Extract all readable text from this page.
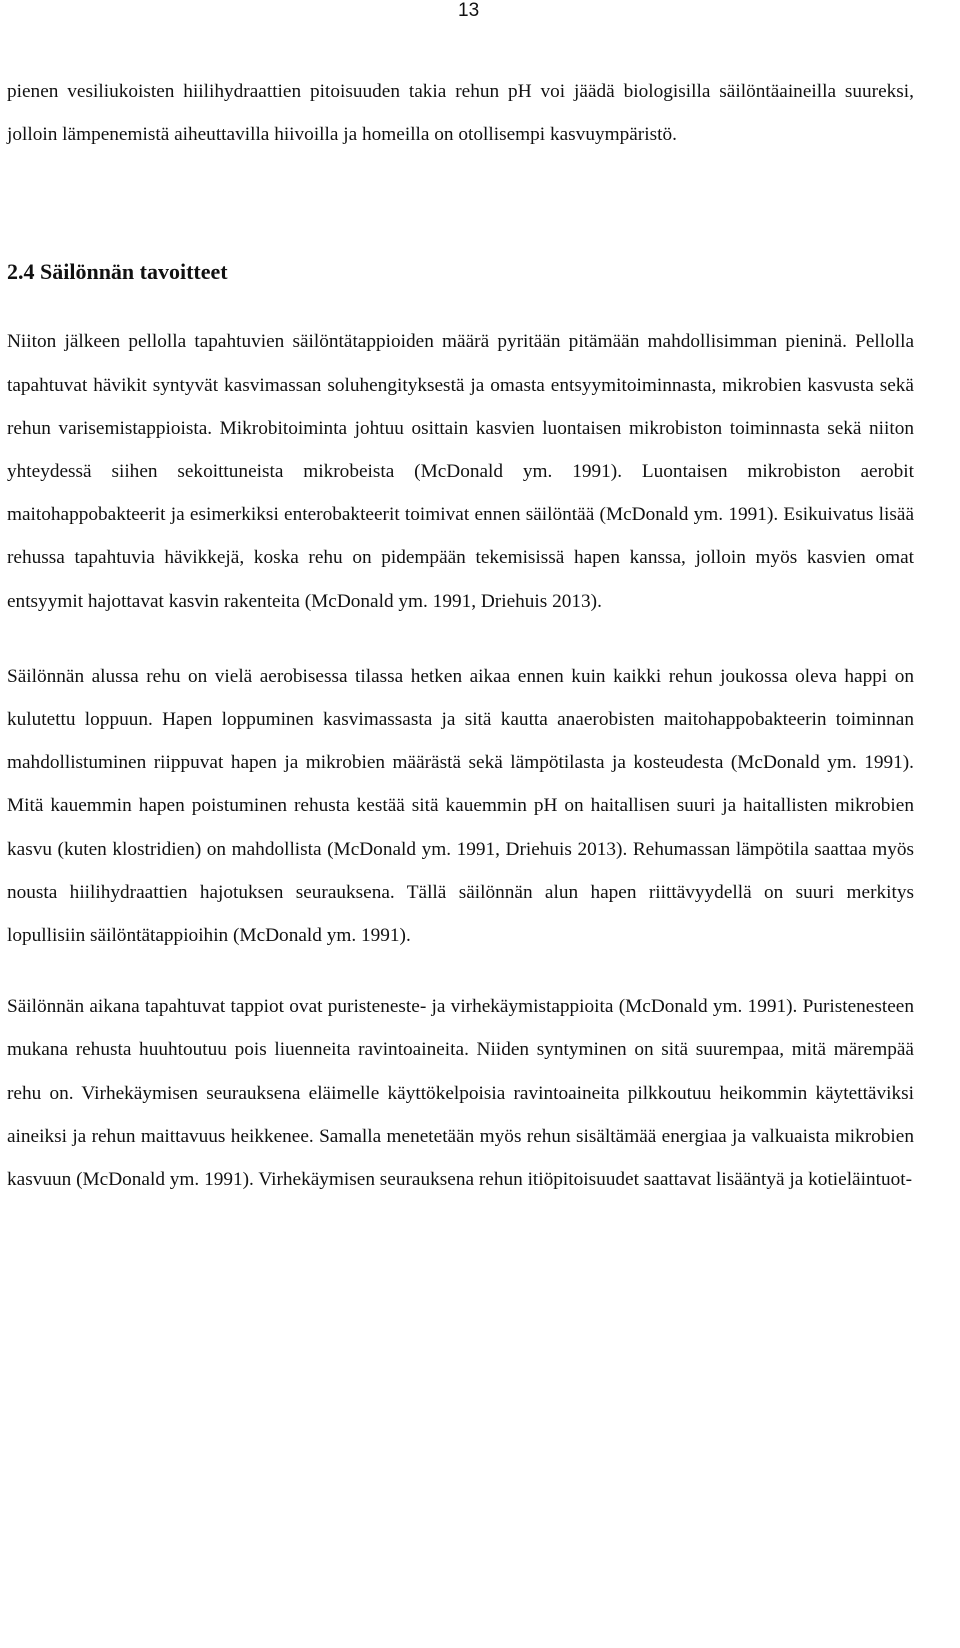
13

pienen vesiliukoisten hiilihydraattien pitoisuuden takia rehun pH voi jäädä biologisilla säilöntäaineilla suureksi, jolloin lämpenemistä aiheuttavilla hiivoilla ja homeilla on otollisempi kasvuympäristö.

2.4 Säilönnän tavoitteet

Niiton jälkeen pellolla tapahtuvien säilöntätappioiden määrä pyritään pitämään mahdollisimman pieninä. Pellolla tapahtuvat hävikit syntyvät kasvimassan soluhengityksestä ja omasta entsyymitoiminnasta, mikrobien kasvusta sekä rehun varisemistappioista. Mikrobitoiminta johtuu osittain kasvien luontaisen mikrobiston toiminnasta sekä niiton yhteydessä siihen sekoittuneista mikrobeista (McDonald ym. 1991). Luontaisen mikrobiston aerobit maitohappobakteerit ja esimerkiksi enterobakteerit toimivat ennen säilöntää (McDonald ym. 1991). Esikuivatus lisää rehussa tapahtuvia hävikkejä, koska rehu on pidempään tekemisissä hapen kanssa, jolloin myös kasvien omat entsyymit hajottavat kasvin rakenteita (McDonald ym. 1991, Driehuis 2013).

Säilönnän alussa rehu on vielä aerobisessa tilassa hetken aikaa ennen kuin kaikki rehun joukossa oleva happi on kulutettu loppuun. Hapen loppuminen kasvimassasta ja sitä kautta anaerobisten maitohappobakteerin toiminnan mahdollistuminen riippuvat hapen ja mikrobien määrästä sekä lämpötilasta ja kosteudesta (McDonald ym. 1991). Mitä kauemmin hapen poistuminen rehusta kestää sitä kauemmin pH on haitallisen suuri ja haitallisten mikrobien kasvu (kuten klostridien) on mahdollista (McDonald ym. 1991, Driehuis 2013). Rehumassan lämpötila saattaa myös nousta hiilihydraattien hajotuksen seurauksena. Tällä säilönnän alun hapen riittävyydellä on suuri merkitys lopullisiin säilöntätappioihin (McDonald ym. 1991).

Säilönnän aikana tapahtuvat tappiot ovat puristeneste- ja virhekäymistappioita (McDonald ym. 1991). Puristenesteen mukana rehusta huuhtoutuu pois liuenneita ravintoaineita. Niiden syntyminen on sitä suurempaa, mitä märempää rehu on. Virhekäymisen seurauksena eläimelle käyttökelpoisia ravintoaineita pilkkoutuu heikommin käytettäviksi aineiksi ja rehun maittavuus heikkenee. Samalla menetetään myös rehun sisältämää energiaa ja valkuaista mikrobien kasvuun (McDonald ym. 1991). Virhekäymisen seurauksena rehun itiöpitoisuudet saattavat lisääntyä ja kotieläintuot-
